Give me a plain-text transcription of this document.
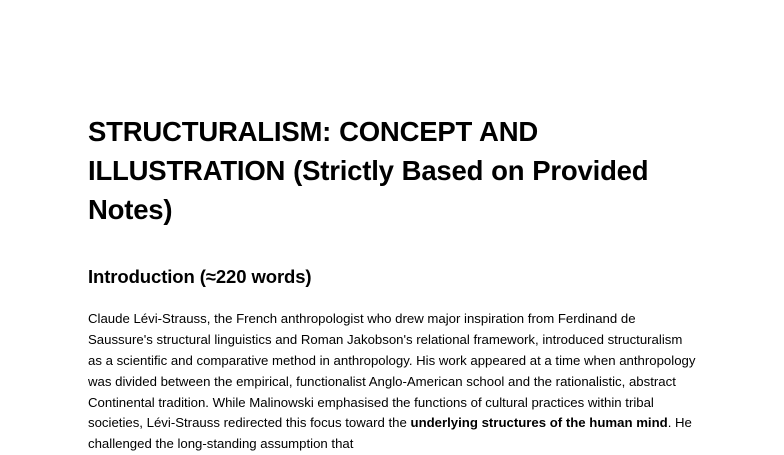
STRUCTURALISM: CONCEPT AND ILLUSTRATION (Strictly Based on Provided Notes)
Introduction (≈220 words)

Claude Lévi-Strauss, the French anthropologist who drew major inspiration from Ferdinand de Saussure's structural linguistics and Roman Jakobson's relational framework, introduced structuralism as a scientific and comparative method in anthropology. His work appeared at a time when anthropology was divided between the empirical, functionalist Anglo-American school and the rationalistic, abstract Continental tradition. While Malinowski emphasised the functions of cultural practices within tribal societies, Lévi-Strauss redirected this focus toward the underlying structures of the human mind. He challenged the long-standing assumption that
